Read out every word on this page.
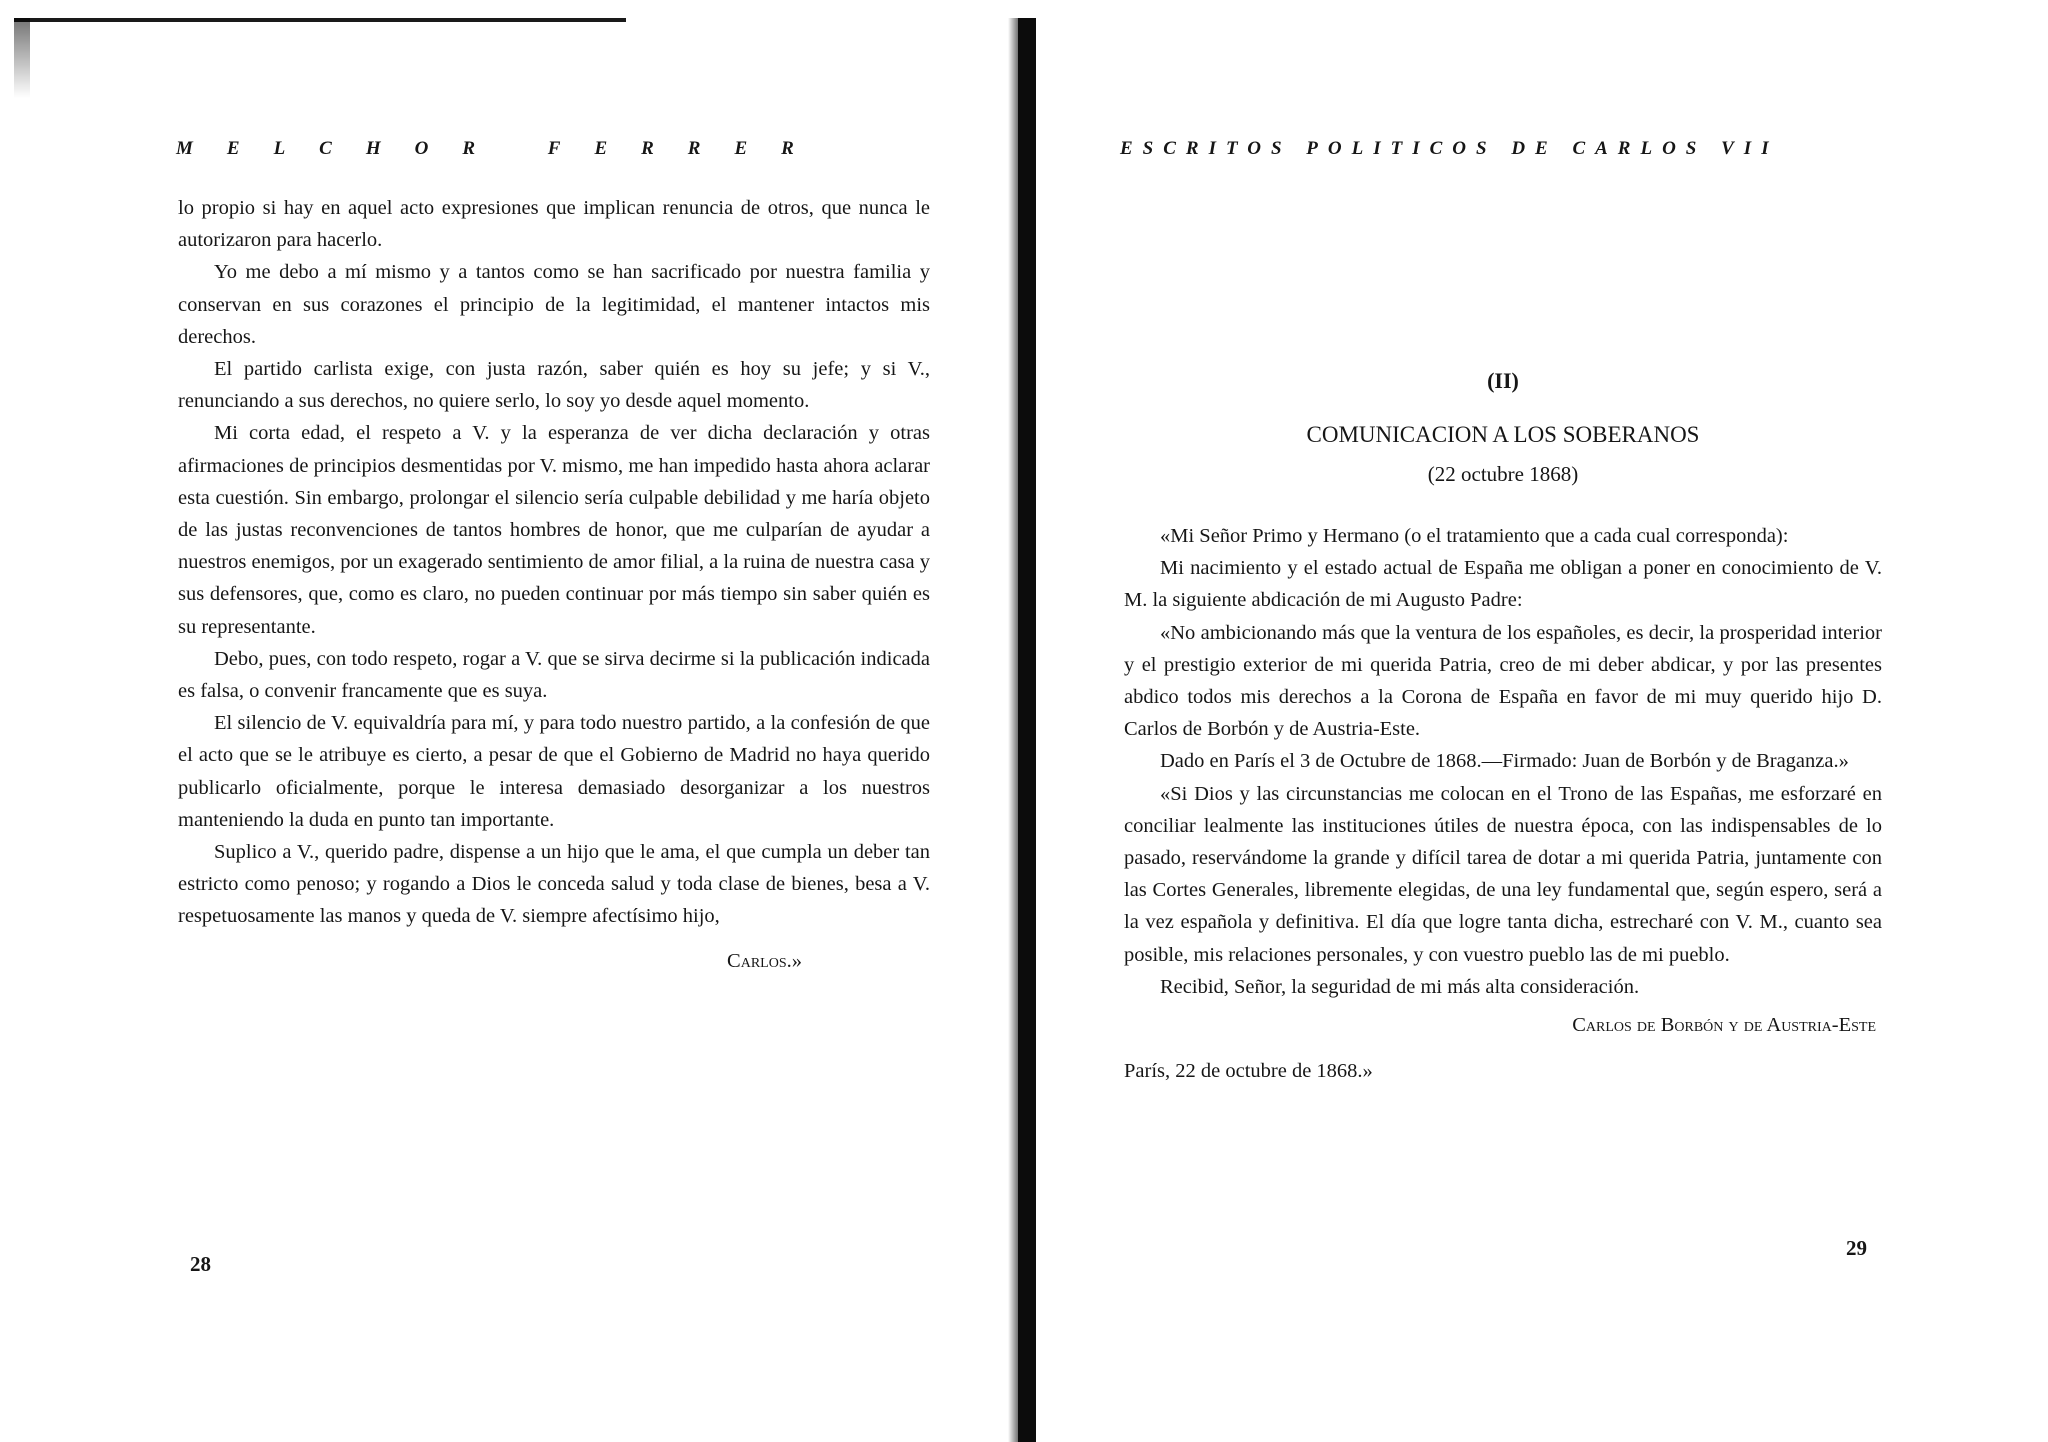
MELCHOR FERRER

lo propio si hay en aquel acto expresiones que implican renuncia de otros, que nunca le autorizaron para hacerlo.

Yo me debo a mí mismo y a tantos como se han sacrificado por nuestra familia y conservan en sus corazones el principio de la legitimidad, el mantener intactos mis derechos.

El partido carlista exige, con justa razón, saber quién es hoy su jefe; y si V., renunciando a sus derechos, no quiere serlo, lo soy yo desde aquel momento.

Mi corta edad, el respeto a V. y la esperanza de ver dicha declaración y otras afirmaciones de principios desmentidas por V. mismo, me han impedido hasta ahora aclarar esta cuestión. Sin embargo, prolongar el silencio sería culpable debilidad y me haría objeto de las justas reconvenciones de tantos hombres de honor, que me culparían de ayudar a nuestros enemigos, por un exagerado sentimiento de amor filial, a la ruina de nuestra casa y sus defensores, que, como es claro, no pueden continuar por más tiempo sin saber quién es su representante.

Debo, pues, con todo respeto, rogar a V. que se sirva decirme si la publicación indicada es falsa, o convenir francamente que es suya.

El silencio de V. equivaldría para mí, y para todo nuestro partido, a la confesión de que el acto que se le atribuye es cierto, a pesar de que el Gobierno de Madrid no haya querido publicarlo oficialmente, porque le interesa demasiado desorganizar a los nuestros manteniendo la duda en punto tan importante.

Suplico a V., querido padre, dispense a un hijo que le ama, el que cumpla un deber tan estricto como penoso; y rogando a Dios le conceda salud y toda clase de bienes, besa a V. respetuosamente las manos y queda de V. siempre afectísimo hijo,

Carlos.»

28
ESCRITOS POLITICOS DE CARLOS VII
(II)
COMUNICACION A LOS SOBERANOS
(22 octubre 1868)

«Mi Señor Primo y Hermano (o el tratamiento que a cada cual corresponda):

Mi nacimiento y el estado actual de España me obligan a poner en conocimiento de V. M. la siguiente abdicación de mi Augusto Padre:

«No ambicionando más que la ventura de los españoles, es decir, la prosperidad interior y el prestigio exterior de mi querida Patria, creo de mi deber abdicar, y por las presentes abdico todos mis derechos a la Corona de España en favor de mi muy querido hijo D. Carlos de Borbón y de Austria-Este.

Dado en París el 3 de Octubre de 1868.—Firmado: Juan de Borbón y de Braganza.»

«Si Dios y las circunstancias me colocan en el Trono de las Españas, me esforzaré en conciliar lealmente las instituciones útiles de nuestra época, con las indispensables de lo pasado, reservándome la grande y difícil tarea de dotar a mi querida Patria, juntamente con las Cortes Generales, libremente elegidas, de una ley fundamental que, según espero, será a la vez española y definitiva. El día que logre tanta dicha, estrecharé con V. M., cuanto sea posible, mis relaciones personales, y con vuestro pueblo las de mi pueblo.

Recibid, Señor, la seguridad de mi más alta consideración.

Carlos de Borbón y de Austria-Este

París, 22 de octubre de 1868.»

29
